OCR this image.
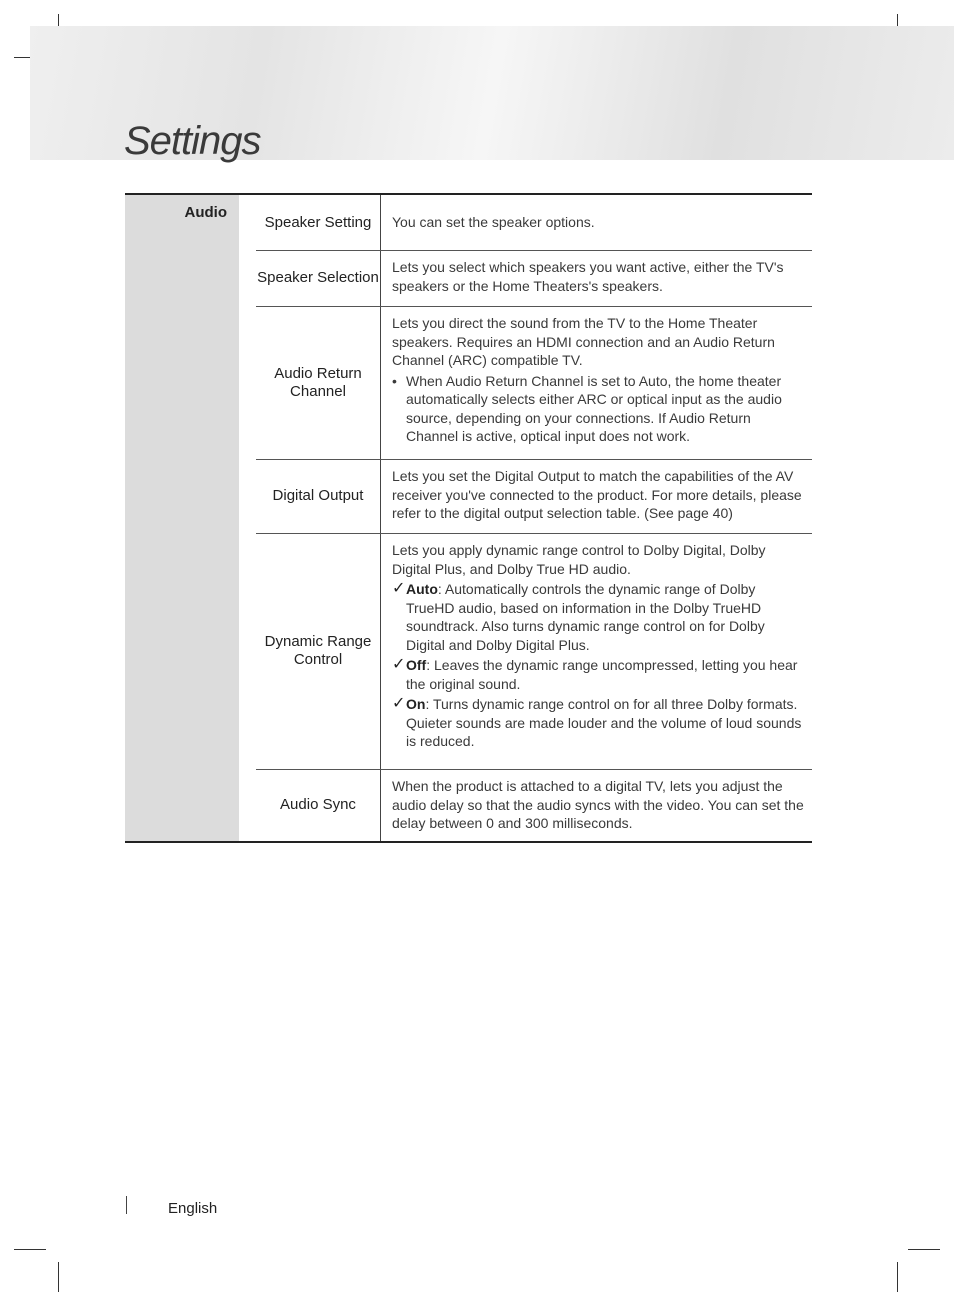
Settings
Audio
Speaker Setting	You can set the speaker options.

Speaker Selection

Lets you select which speakers you want active, either the TV's speakers or the Home Theaters's speakers.

Audio Return Channel

Lets you direct the sound from the TV to the Home Theater speakers. Requires an HDMI connection and an Audio Return Channel (ARC) compatible TV.

• When Audio Return Channel is set to Auto, the home theater automatically selects either ARC or optical input as the audio source, depending on your connections. If Audio Return Channel is active, optical input does not work.
Digital Output

Lets you set the Digital Output to match the capabilities of the AV receiver you've connected to the product. For more details, please refer to the digital output selection table. (See page 40)

Dynamic Range Control

Lets you apply dynamic range control to Dolby Digital, Dolby Digital Plus, and Dolby True HD audio.

✓ Auto: Automatically controls the dynamic range of Dolby TrueHD audio, based on information in the Dolby TrueHD soundtrack. Also turns dynamic range control on for Dolby Digital and Dolby Digital Plus.
✓ Off: Leaves the dynamic range uncompressed, letting you hear the original sound.
✓ On: Turns dynamic range control on for all three Dolby formats. Quieter sounds are made louder and the volume of loud sounds is reduced.
Audio Sync

When the product is attached to a digital TV, lets you adjust the audio delay so that the audio syncs with the video. You can set the delay between 0 and 300 milliseconds.

English
